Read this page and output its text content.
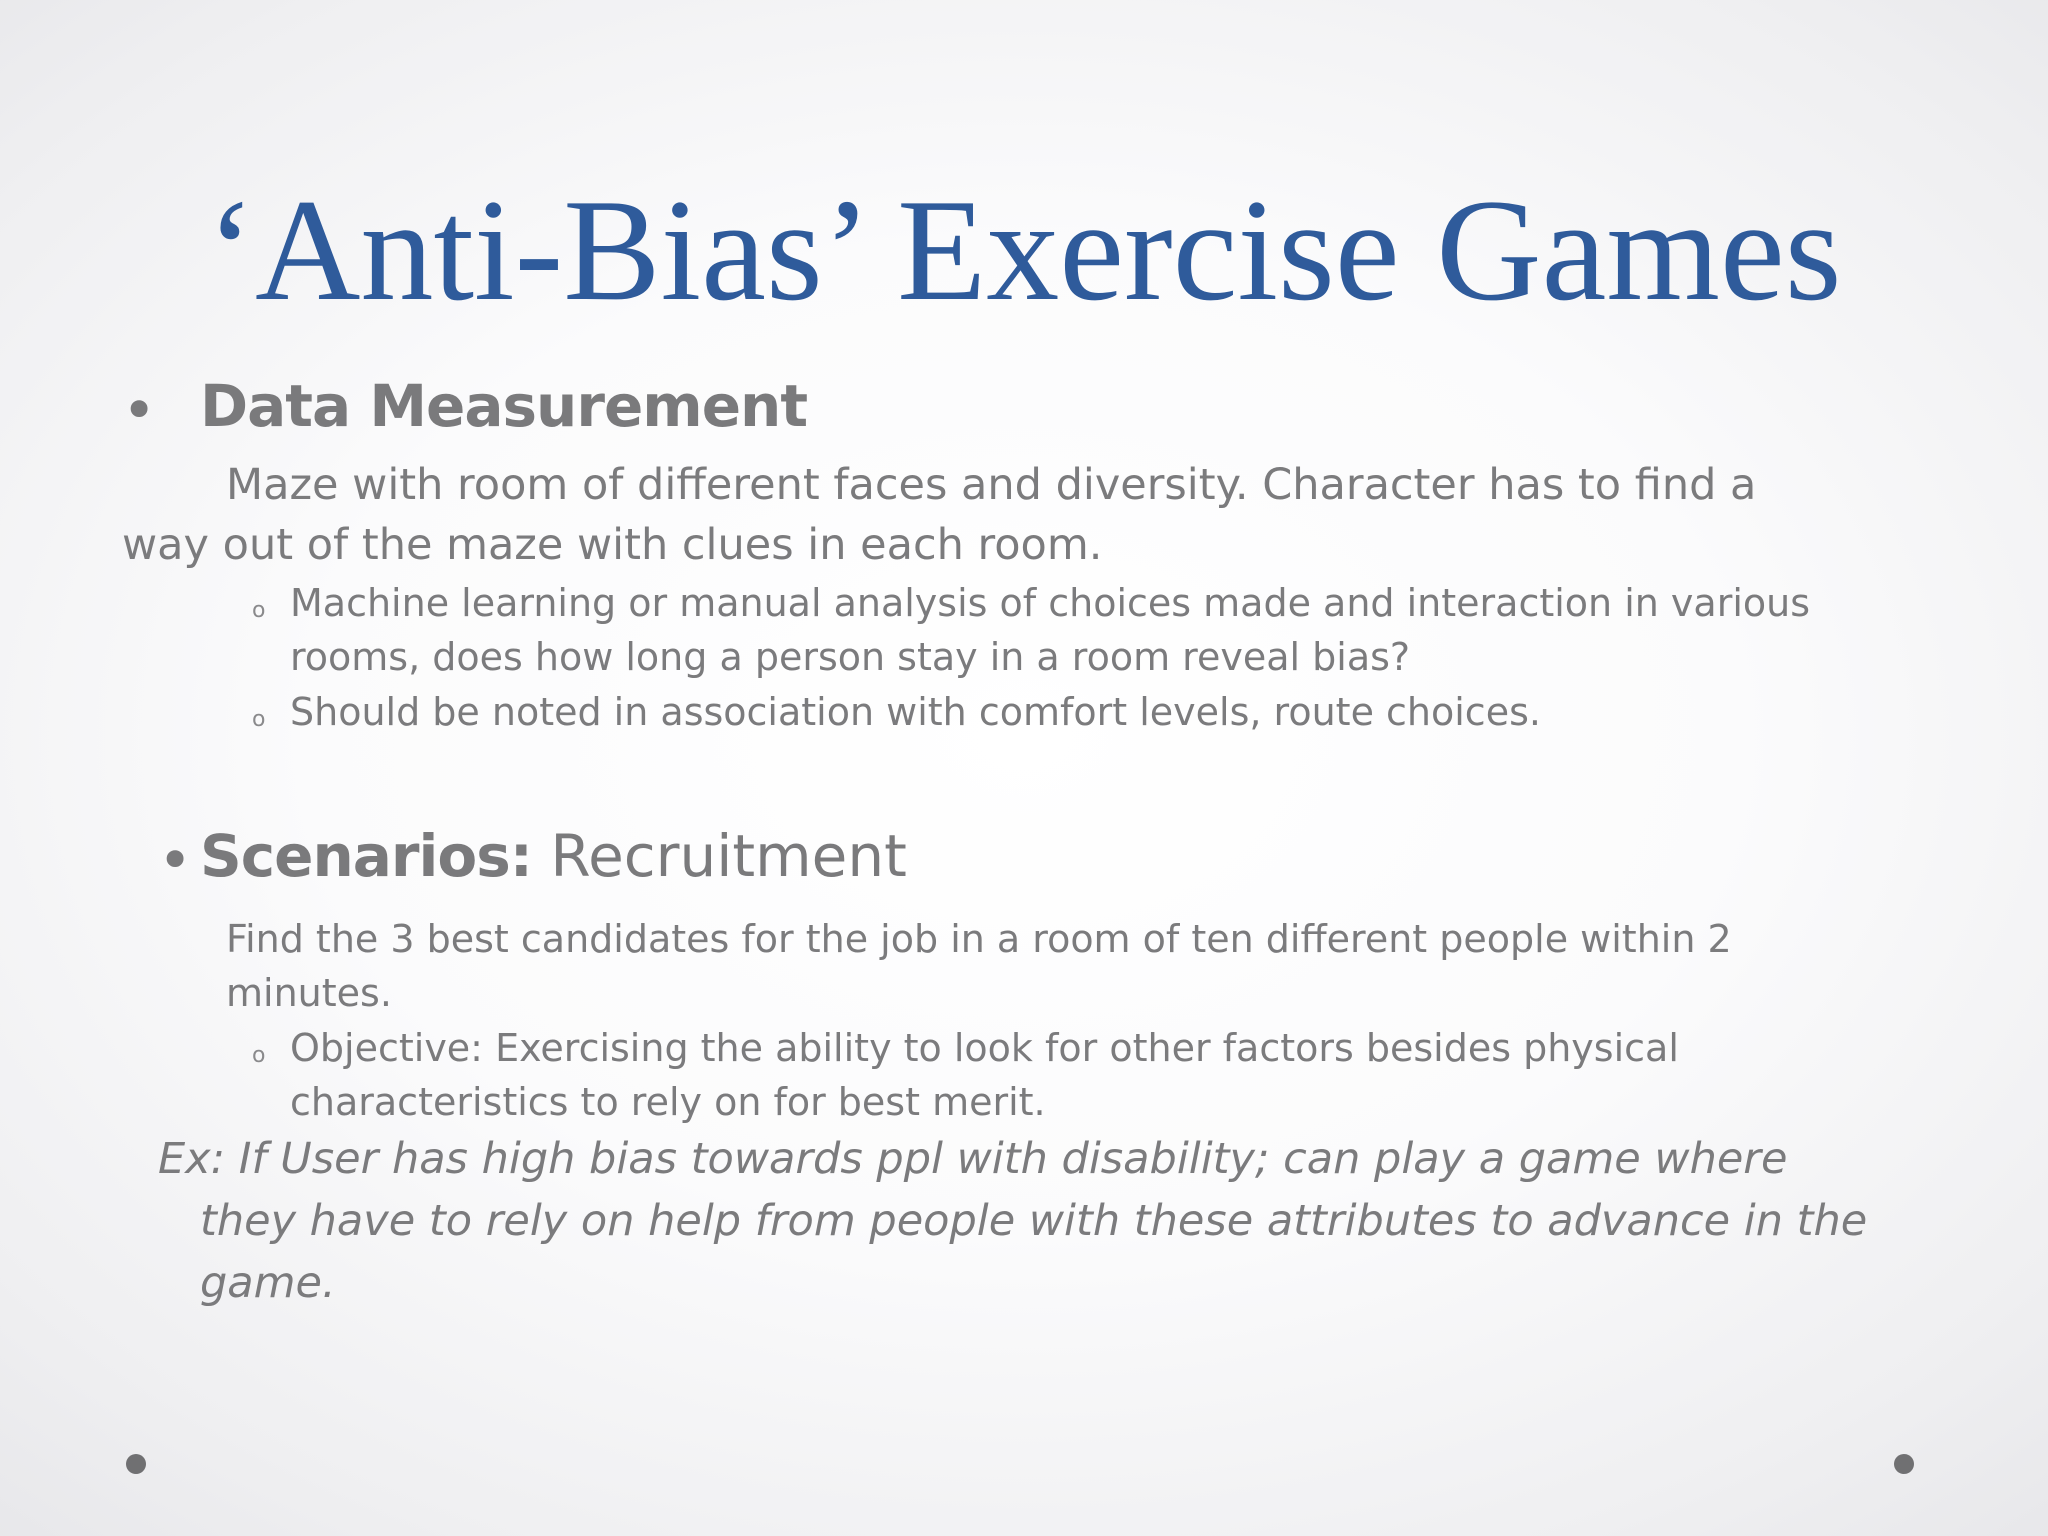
‘Anti-Bias’ Exercise Games
• Data Measurement
Maze with room of different faces and diversity. Character has to find a
way out of the maze with clues in each room.
o Machine learning or manual analysis of choices made and interaction in various
rooms, does how long a person stay in a room reveal bias?
o Should be noted in association with comfort levels, route choices.
• Scenarios: Recruitment
Find the 3 best candidates for the job in a room of ten different people within 2
minutes.
o Objective: Exercising the ability to look for other factors besides physical
characteristics to rely on for best merit.
Ex: If User has high bias towards ppl with disability; can play a game where
they have to rely on help from people with these attributes to advance in the
game.
